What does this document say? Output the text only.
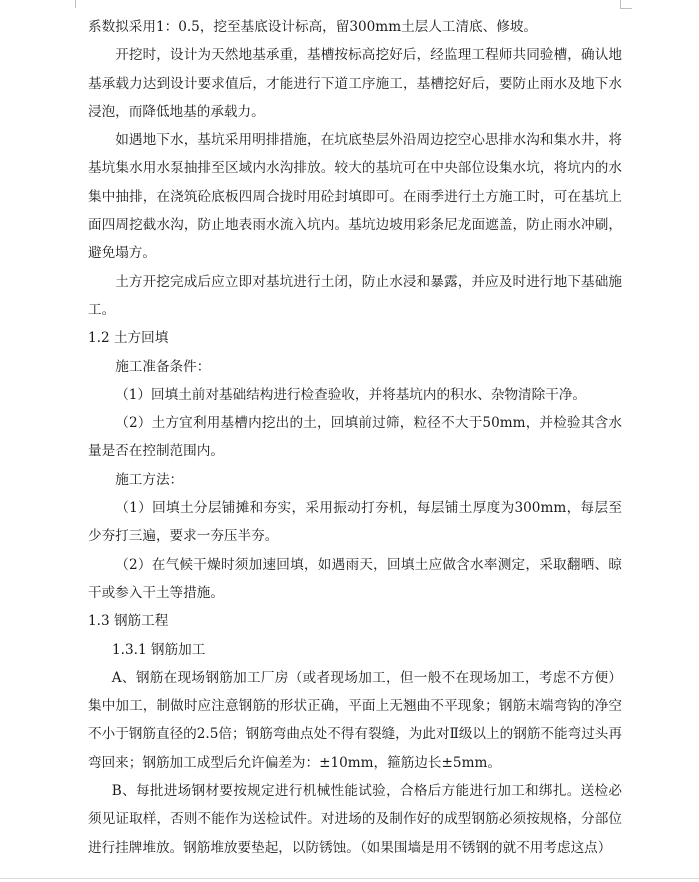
系数拟采用1：0.5，挖至基底设计标高，留300mm土层人工清底、修坡。

开挖时，设计为天然地基承重，基槽按标高挖好后，经监理工程师共同验槽，确认地基承载力达到设计要求值后，才能进行下道工序施工，基槽挖好后，要防止雨水及地下水浸泡，而降低地基的承载力。

如遇地下水，基坑采用明排措施，在坑底垫层外沿周边挖空心思排水沟和集水井，将基坑集水用水泵抽排至区域内水沟排放。较大的基坑可在中央部位设集水坑，将坑内的水集中抽排，在浇筑砼底板四周合拢时用砼封填即可。在雨季进行土方施工时，可在基坑上面四周挖截水沟，防止地表雨水流入坑内。基坑边坡用彩条尼龙面遮盖，防止雨水冲刷，避免塌方。

土方开挖完成后应立即对基坑进行土闭，防止水浸和暴露，并应及时进行地下基础施工。

1.2 土方回填

施工准备条件：

（1）回填土前对基础结构进行检查验收，并将基坑内的积水、杂物清除干净。

（2）土方宜利用基槽内挖出的土，回填前过筛，粒径不大于50mm，并检验其含水量是否在控制范围内。

施工方法：

（1）回填土分层铺摊和夯实，采用振动打夯机，每层铺土厚度为300mm，每层至少夯打三遍，要求一夯压半夯。

（2）在气候干燥时须加速回填，如遇雨天，回填土应做含水率测定，采取翻晒、晾干或参入干土等措施。

1.3 钢筋工程

1.3.1 钢筋加工

A、钢筋在现场钢筋加工厂房（或者现场加工，但一般不在现场加工，考虑不方便）集中加工，制做时应注意钢筋的形状正确，平面上无翘曲不平现象；钢筋末端弯钩的净空不小于钢筋直径的2.5倍；钢筋弯曲点处不得有裂缝，为此对Ⅱ级以上的钢筋不能弯过头再弯回来；钢筋加工成型后允许偏差为：±10mm，箍筋边长±5mm。

B、每批进场钢材要按规定进行机械性能试验，合格后方能进行加工和绑扎。送检必须见证取样，否则不能作为送检试件。对进场的及制作好的成型钢筋必须按规格，分部位进行挂牌堆放。钢筋堆放要垫起，以防锈蚀。（如果围墙是用不锈钢的就不用考虑这点）
